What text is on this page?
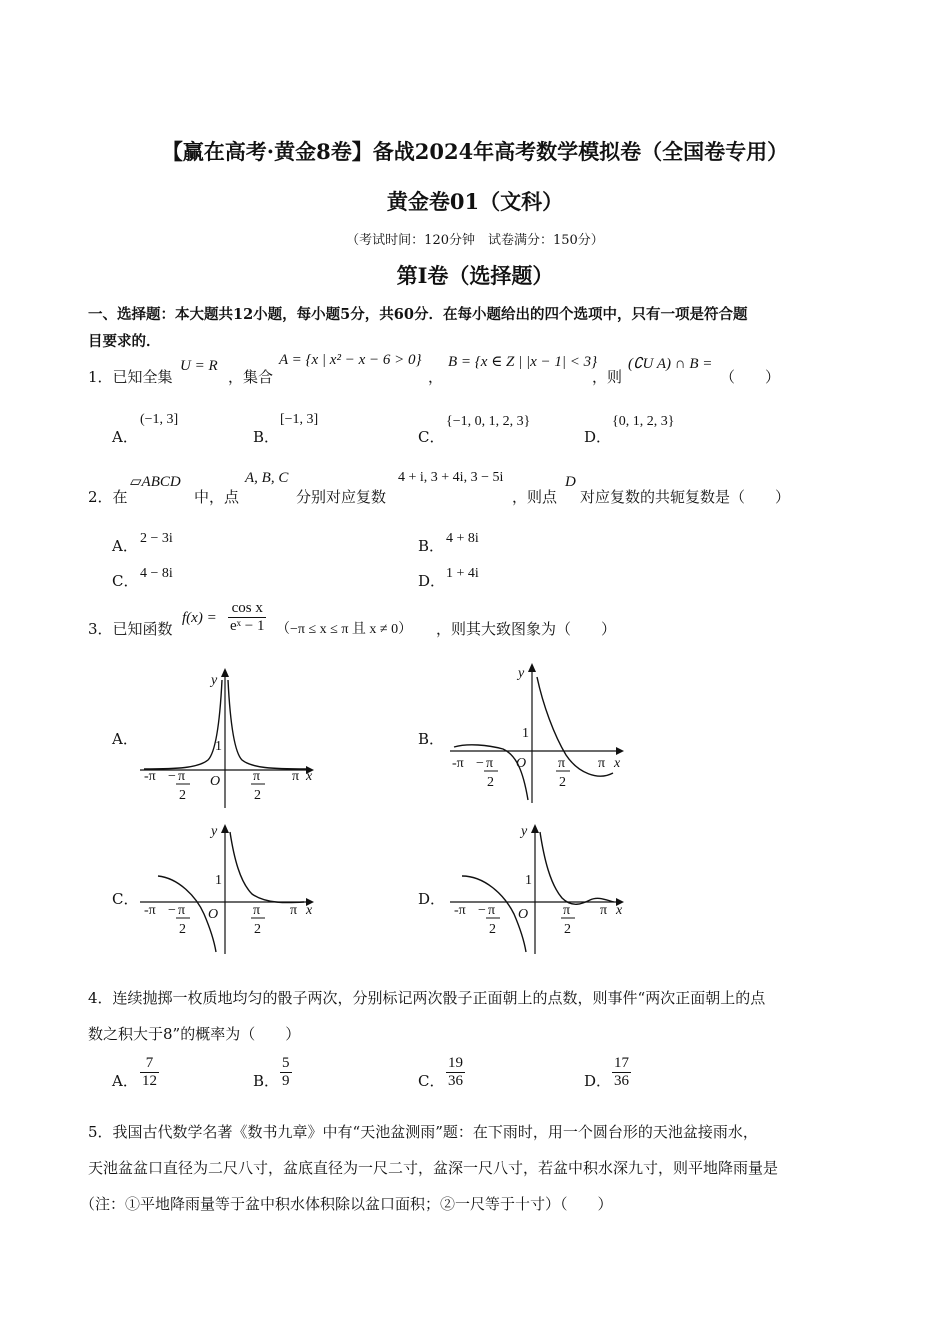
【赢在高考·黄金8卷】备战2024年高考数学模拟卷（全国卷专用）
黄金卷01（文科）
（考试时间：120分钟　试卷满分：150分）
第Ⅰ卷（选择题）
一、选择题：本大题共12小题，每小题5分，共60分．在每小题给出的四个选项中，只有一项是符合题
目要求的．
1．已知全集
U = R
，集合
A = {x | x² − x − 6 > 0}
，
B = {x ∈ Z | |x − 1| < 3}
，则
(∁U A) ∩ B =
（　　）
A．
(−1, 3]
B．
[−1, 3]
C．
{−1, 0, 1, 2, 3}
D．
{0, 1, 2, 3}
2．在
▱ABCD
中，点
A, B, C
分别对应复数
4 + i, 3 + 4i, 3 − 5i
，则点
D
对应复数的共轭复数是（　　）
A． 2 − 3i	B． 4 + 8i
C． 4 − 8i	D． 1 + 4i
3．已知函数
$f(x) = \frac{\text{cos x}}{\text{eˣ − 1}} (-\pi \le x \le \pi$ 且 x ≠ 0） ，则其大致图象为（　　）
A．	B．
C．	D．
y
1
O
-π − π
2
π
2
π x
y
1
O
-π − π
2
π
2
π x
y
1
O
-π − π
2
π
2
π x
y
1
O
-π − π
2
π
2
π x
4．连续抛掷一枚质地均匀的骰子两次，分别标记两次骰子正面朝上的点数，则事件“两次正面朝上的点
数之积大于8”的概率为（　　）
A． $\frac{7}{12}$	B． $\frac{5}{9}$	C． $\frac{19}{36}$	D． $\frac{17}{36}$
5．我国古代数学名著《数书九章》中有“天池盆测雨”题：在下雨时，用一个圆台形的天池盆接雨水，
天池盆盆口直径为二尺八寸，盆底直径为一尺二寸，盆深一尺八寸，若盆中积水深九寸，则平地降雨量是
（注：①平地降雨量等于盆中积水体积除以盆口面积；②一尺等于十寸）（　　）
